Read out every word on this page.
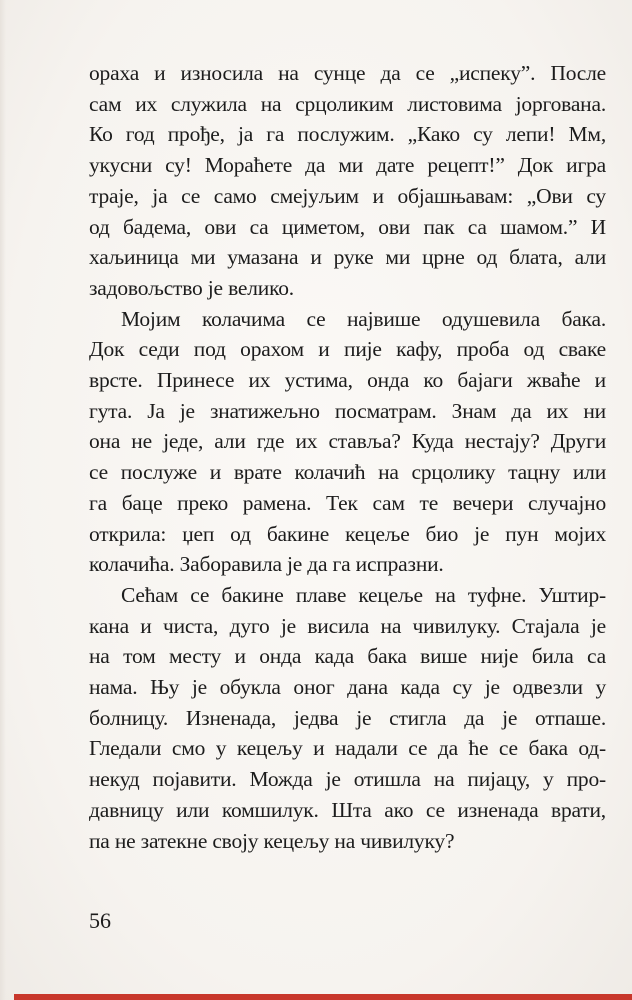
ораха и износила на сунце да се „испеку”. После
сам их служила на срцоликим листовима јоргована.
Ко год прође, ја га послужим. „Како су лепи! Мм,
укусни су! Мораћете да ми дате рецепт!” Док игра
траје, ја се само смејуљим и објашњавам: „Ови су
од бадема, ови са циметом, ови пак са шамом.” И
хаљиница ми умазана и руке ми црне од блата, али
задовољство је велико.

Мојим колачима се највише одушевила бака.
Док седи под орахом и пије кафу, проба од сваке
врсте. Принесе их устима, онда ко бајаги жваће и
гута. Ја је знатижељно посматрам. Знам да их ни
она не једе, али где их ставља? Куда нестају? Други
се послуже и врате колачић на срцолику тацну или
га баце преко рамена. Тек сам те вечери случајно
открила: џеп од бакине кецеље био је пун мојих
колачића. Заборавила је да га испразни.

Сећам се бакине плаве кецеље на туфне. Уштир-
кана и чиста, дуго је висила на чивилуку. Стајала је
на том месту и онда када бака више није била са
нама. Њу је обукла оног дана када су је одвезли у
болницу. Изненада, једва је стигла да је отпаше.
Гледали смо у кецељу и надали се да ће се бака од-
некуд појавити. Можда је отишла на пијацу, у про-
давницу или комшилук. Шта ако се изненада врати,
па не затекне своју кецељу на чивилуку?

56
